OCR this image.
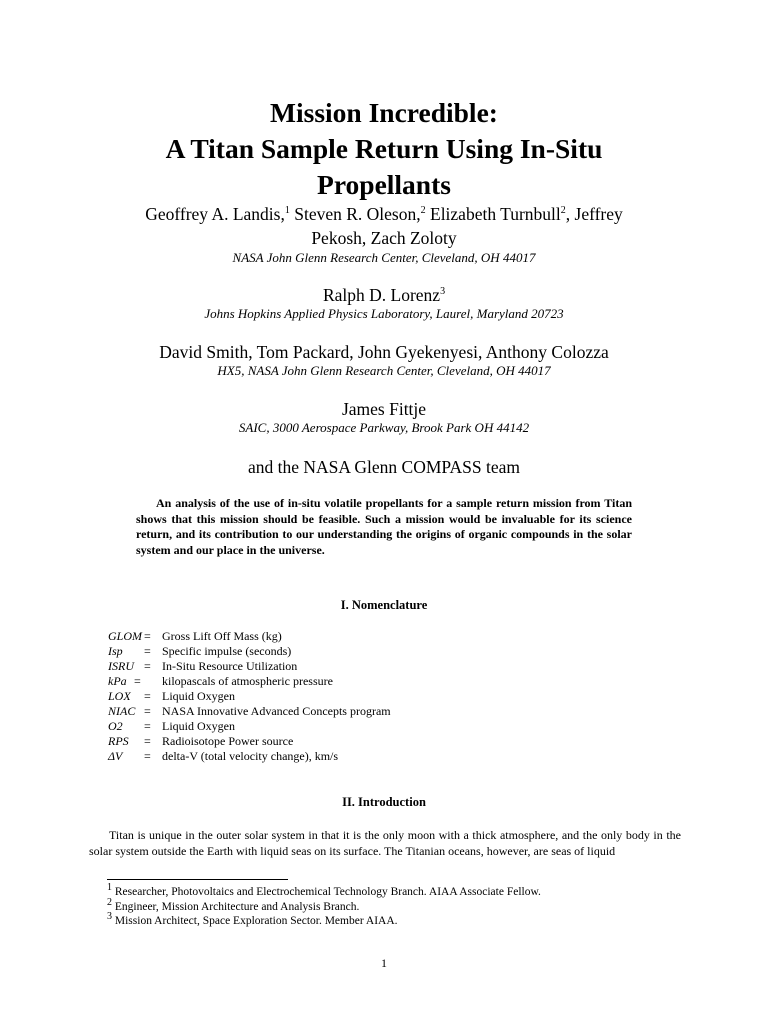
Mission Incredible:
A Titan Sample Return Using In-Situ
Propellants
Geoffrey A. Landis,$^1$ Steven R. Oleson,$^2$ Elizabeth Turnbull$^2$, Jeffrey
Pekosh, Zach Zoloty
NASA John Glenn Research Center, Cleveland, OH 44017
Ralph D. Lorenz$^3$
Johns Hopkins Applied Physics Laboratory, Laurel, Maryland 20723
David Smith, Tom Packard, John Gyekenyesi, Anthony Colozza
HX5, NASA John Glenn Research Center, Cleveland, OH 44017
James Fittje
SAIC, 3000 Aerospace Parkway, Brook Park OH 44142
and the NASA Glenn COMPASS team
An analysis of the use of in-situ volatile propellants for a sample return mission from Titan shows that this mission should be feasible. Such a mission would be invaluable for its science return, and its contribution to our understanding the origins of organic compounds in the solar system and our place in the universe.
I. Nomenclature
GLOM = Gross Lift Off Mass (kg)
Isp = Specific impulse (seconds)
ISRU = In-Situ Resource Utilization
kPa = kilopascals of atmospheric pressure
LOX = Liquid Oxygen
NIAC = NASA Innovative Advanced Concepts program
O2 = Liquid Oxygen
RPS = Radioisotope Power source
ΔV = delta-V (total velocity change), km/s
II. Introduction
Titan is unique in the outer solar system in that it is the only moon with a thick atmosphere, and the only body in the solar system outside the Earth with liquid seas on its surface. The Titanian oceans, however, are seas of liquid
$^1$ Researcher, Photovoltaics and Electrochemical Technology Branch. AIAA Associate Fellow.
$^2$ Engineer, Mission Architecture and Analysis Branch.
$^3$ Mission Architect, Space Exploration Sector. Member AIAA.
1
